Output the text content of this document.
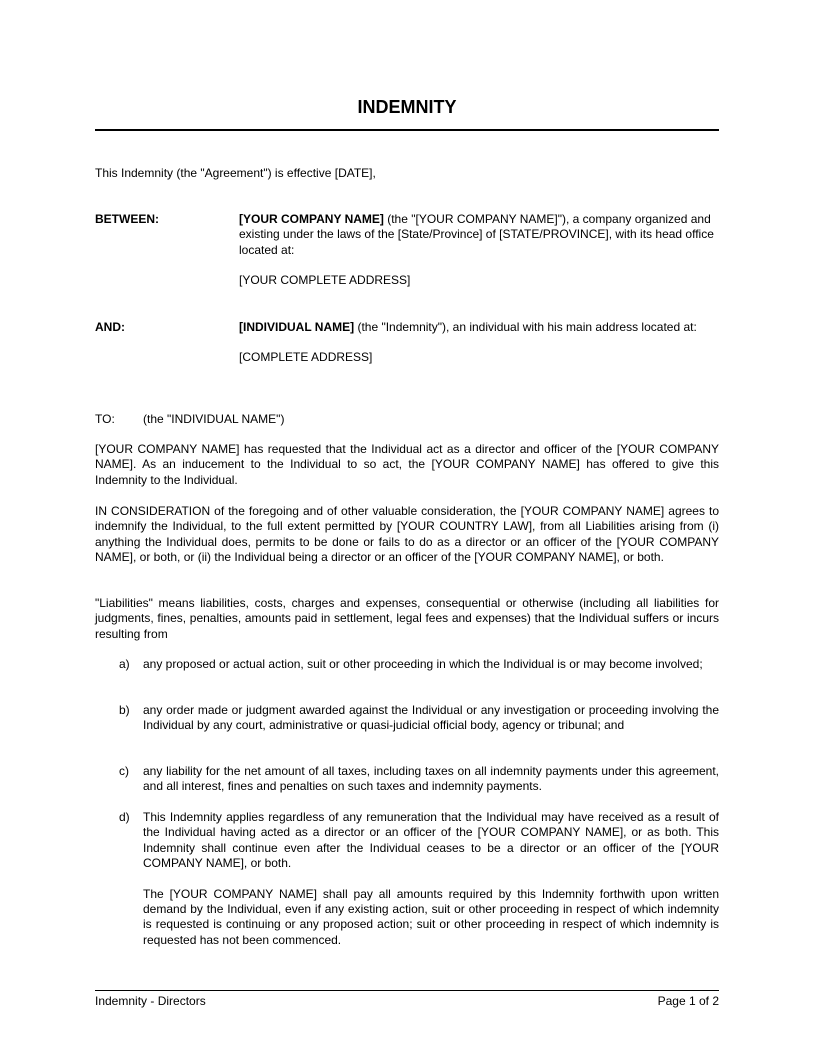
INDEMNITY
This Indemnity (the "Agreement") is effective [DATE],
BETWEEN:	[YOUR COMPANY NAME] (the "[YOUR COMPANY NAME]"), a company organized and existing under the laws of the [State/Province] of [STATE/PROVINCE], with its head office located at:

[YOUR COMPLETE ADDRESS]

AND:	[INDIVIDUAL NAME] (the "Indemnity"), an individual with his main address located at:

[COMPLETE ADDRESS]

TO: (the "INDIVIDUAL NAME")

[YOUR COMPANY NAME] has requested that the Individual act as a director and officer of the [YOUR COMPANY NAME]. As an inducement to the Individual to so act, the [YOUR COMPANY NAME] has offered to give this Indemnity to the Individual.

IN CONSIDERATION of the foregoing and of other valuable consideration, the [YOUR COMPANY NAME] agrees to indemnify the Individual, to the full extent permitted by [YOUR COUNTRY LAW], from all Liabilities arising from (i) anything the Individual does, permits to be done or fails to do as a director or an officer of the [YOUR COMPANY NAME], or both, or (ii) the Individual being a director or an officer of the [YOUR COMPANY NAME], or both.

"Liabilities" means liabilities, costs, charges and expenses, consequential or otherwise (including all liabilities for judgments, fines, penalties, amounts paid in settlement, legal fees and expenses) that the Individual suffers or incurs resulting from

a) any proposed or actual action, suit or other proceeding in which the Individual is or may become involved;

b) any order made or judgment awarded against the Individual or any investigation or proceeding involving the Individual by any court, administrative or quasi-judicial official body, agency or tribunal; and

c) any liability for the net amount of all taxes, including taxes on all indemnity payments under this agreement, and all interest, fines and penalties on such taxes and indemnity payments.

d) This Indemnity applies regardless of any remuneration that the Individual may have received as a result of the Individual having acted as a director or an officer of the [YOUR COMPANY NAME], or as both. This Indemnity shall continue even after the Individual ceases to be a director or an officer of the [YOUR COMPANY NAME], or both.

The [YOUR COMPANY NAME] shall pay all amounts required by this Indemnity forthwith upon written demand by the Individual, even if any existing action, suit or other proceeding in respect of which indemnity is requested is continuing or any proposed action; suit or other proceeding in respect of which indemnity is requested has not been commenced.

Indemnity - Directors	Page 1 of 2
